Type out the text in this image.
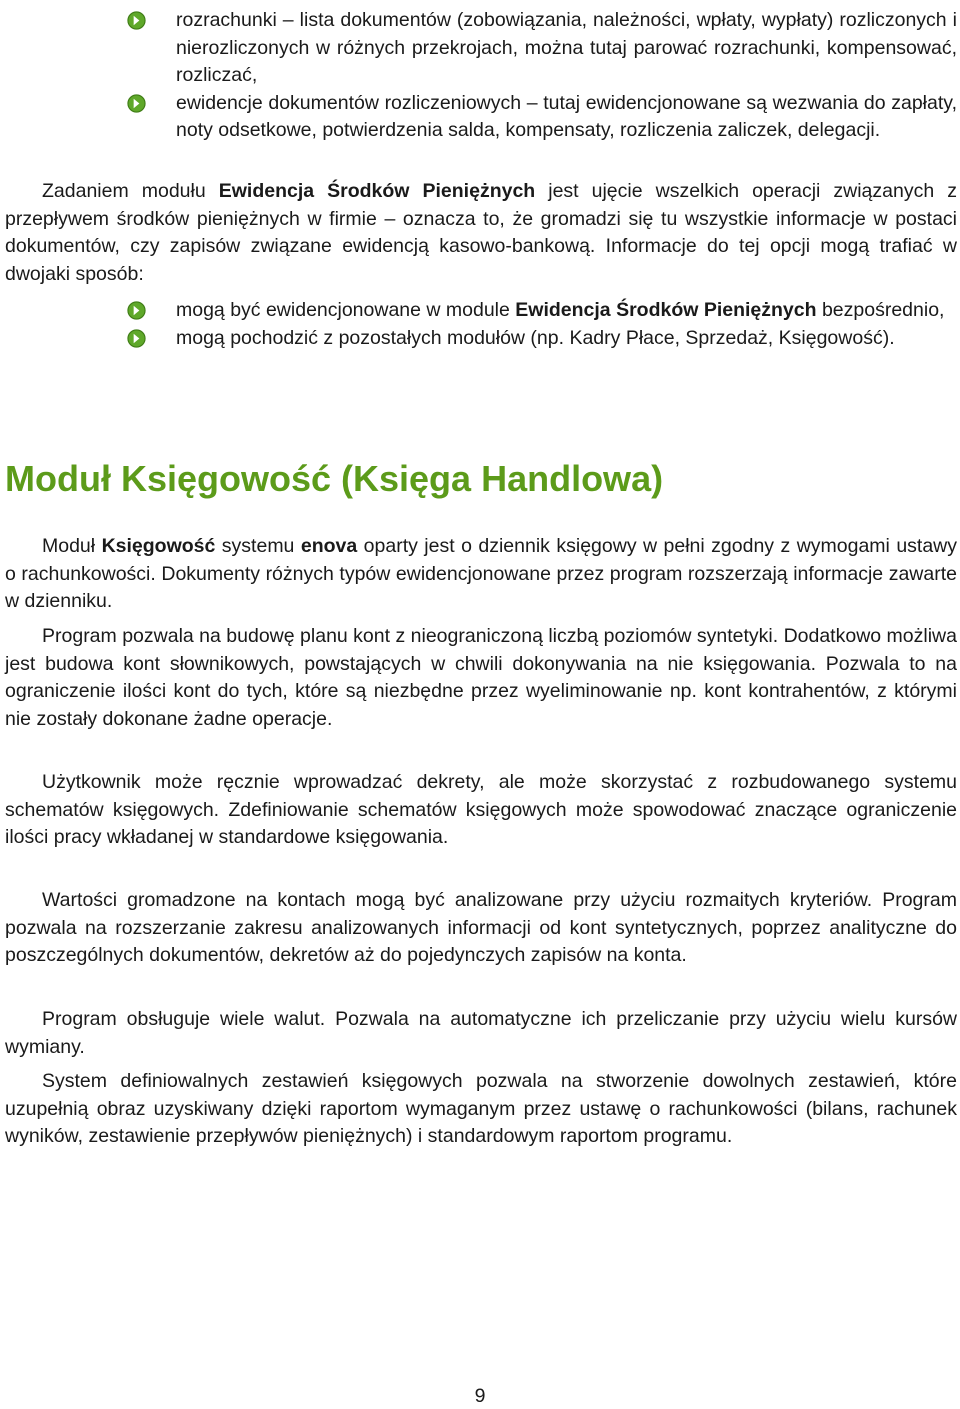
rozrachunki – lista dokumentów (zobowiązania, należności, wpłaty, wypłaty) rozliczonych i nierozliczonych w różnych przekrojach, można tutaj parować rozrachunki, kompensować, rozliczać,
ewidencje dokumentów rozliczeniowych – tutaj ewidencjonowane są wezwania do zapłaty, noty odsetkowe, potwierdzenia salda, kompensaty, rozliczenia zaliczek, delegacji.
Zadaniem modułu Ewidencja Środków Pieniężnych jest ujęcie wszelkich operacji związanych z przepływem środków pieniężnych w firmie – oznacza to, że gromadzi się tu wszystkie informacje w postaci dokumentów, czy zapisów związane ewidencją kasowo-bankową. Informacje do tej opcji mogą trafiać w dwojaki sposób:
mogą być ewidencjonowane w module Ewidencja Środków Pieniężnych bezpośrednio,
mogą pochodzić z pozostałych modułów (np. Kadry Płace, Sprzedaż, Księgowość).
Moduł Księgowość (Księga Handlowa)
Moduł Księgowość systemu enova oparty jest o dziennik księgowy w pełni zgodny z wymogami ustawy o rachunkowości. Dokumenty różnych typów ewidencjonowane przez program rozszerzają informacje zawarte w dzienniku.
Program pozwala na budowę planu kont z nieograniczoną liczbą poziomów syntetyki. Dodatkowo możliwa jest budowa kont słownikowych, powstających w chwili dokonywania na nie księgowania. Pozwala to na ograniczenie ilości kont do tych, które są niezbędne przez wyeliminowanie np. kont kontrahentów, z którymi nie zostały dokonane żadne operacje.
Użytkownik może ręcznie wprowadzać dekrety, ale może skorzystać z rozbudowanego systemu schematów księgowych. Zdefiniowanie schematów księgowych może spowodować znaczące ograniczenie ilości pracy wkładanej w standardowe księgowania.
Wartości gromadzone na kontach mogą być analizowane przy użyciu rozmaitych kryteriów. Program pozwala na rozszerzanie zakresu analizowanych informacji od kont syntetycznych, poprzez analityczne do poszczególnych dokumentów, dekretów aż do pojedynczych zapisów na konta.
Program obsługuje wiele walut. Pozwala na automatyczne ich przeliczanie przy użyciu wielu kursów wymiany.
System definiowalnych zestawień księgowych pozwala na stworzenie dowolnych zestawień, które uzupełnią obraz uzyskiwany dzięki raportom wymaganym przez ustawę o rachunkowości (bilans, rachunek wyników, zestawienie przepływów pieniężnych) i standardowym raportom programu.
9
